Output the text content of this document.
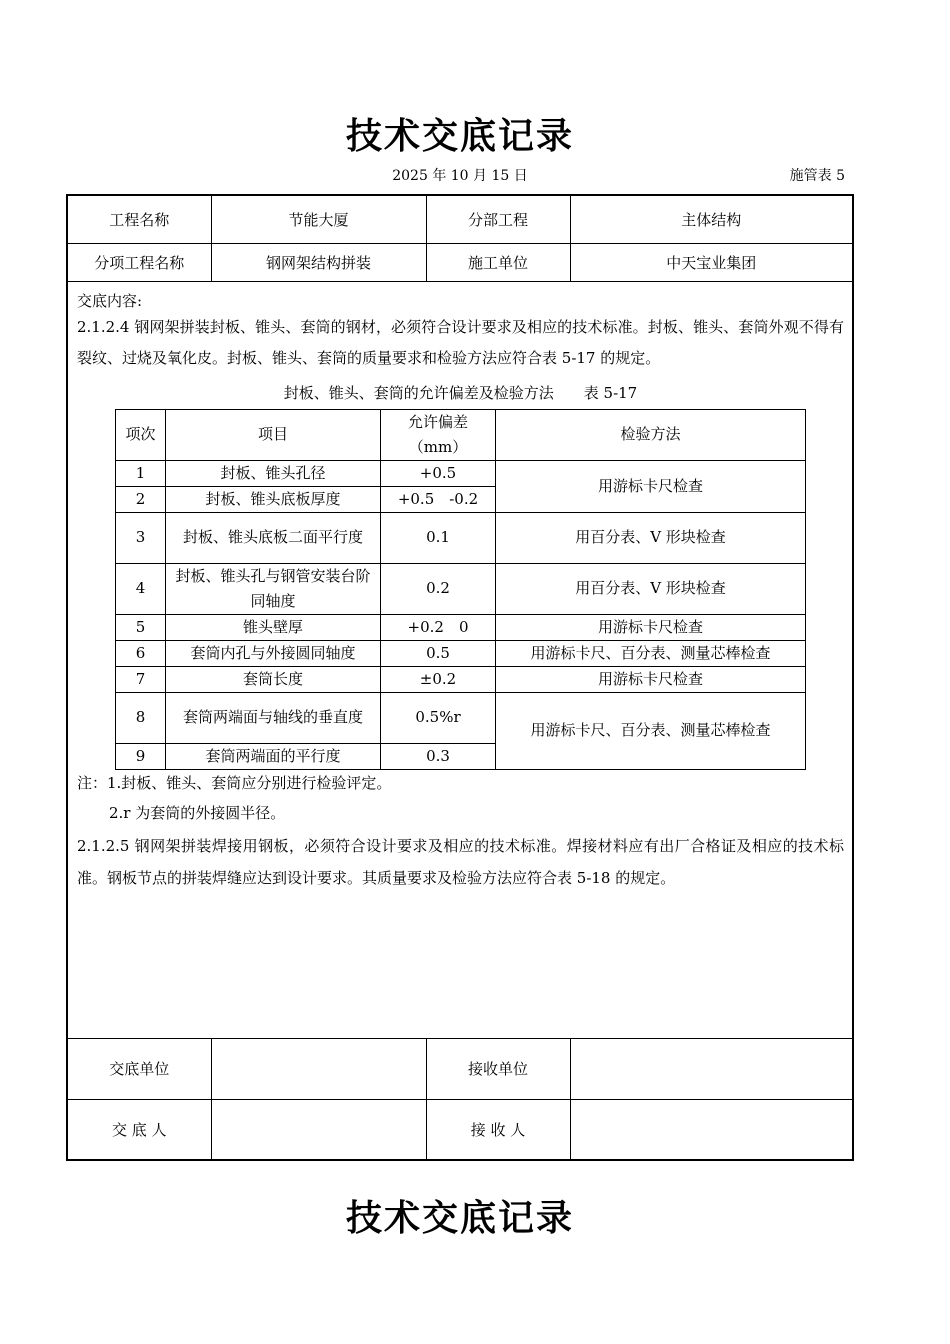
技术交底记录
2025 年 10 月 15 日	施管表 5
工程名称	节能大厦	分部工程	主体结构
分项工程名称	钢网架结构拼装	施工单位	中天宝业集团

交底内容:

2.1.2.4 钢网架拼装封板、锥头、套筒的钢材，必须符合设计要求及相应的技术标准。封板、锥头、套筒外观不得有裂纹、过烧及氧化皮。封板、锥头、套筒的质量要求和检验方法应符合表 5-17 的规定。

封板、锥头、套筒的允许偏差及检验方法　　表 5-17
项次	项目	允许偏差（mm）	检验方法
1	封板、锥头孔径	+0.5	用游标卡尺检查
2	封板、锥头底板厚度	+0.5　-0.2
3	封板、锥头底板二面平行度	0.1	用百分表、V 形块检查
4	封板、锥头孔与钢管安装台阶同轴度	0.2	用百分表、V 形块检查
5	锥头壁厚	+0.2　0	用游标卡尺检查
6	套筒内孔与外接圆同轴度	0.5	用游标卡尺、百分表、测量芯棒检查
7	套筒长度	±0.2	用游标卡尺检查
8	套筒两端面与轴线的垂直度	0.5%r	用游标卡尺、百分表、测量芯棒检查
9	套筒两端面的平行度	0.3

注：1.封板、锥头、套筒应分别进行检验评定。

2.r 为套筒的外接圆半径。

2.1.2.5 钢网架拼装焊接用钢板，必须符合设计要求及相应的技术标准。焊接材料应有出厂合格证及相应的技术标准。钢板节点的拼装焊缝应达到设计要求。其质量要求及检验方法应符合表 5-18 的规定。

交底单位		接收单位	
交 底 人		接 收 人	
技术交底记录
